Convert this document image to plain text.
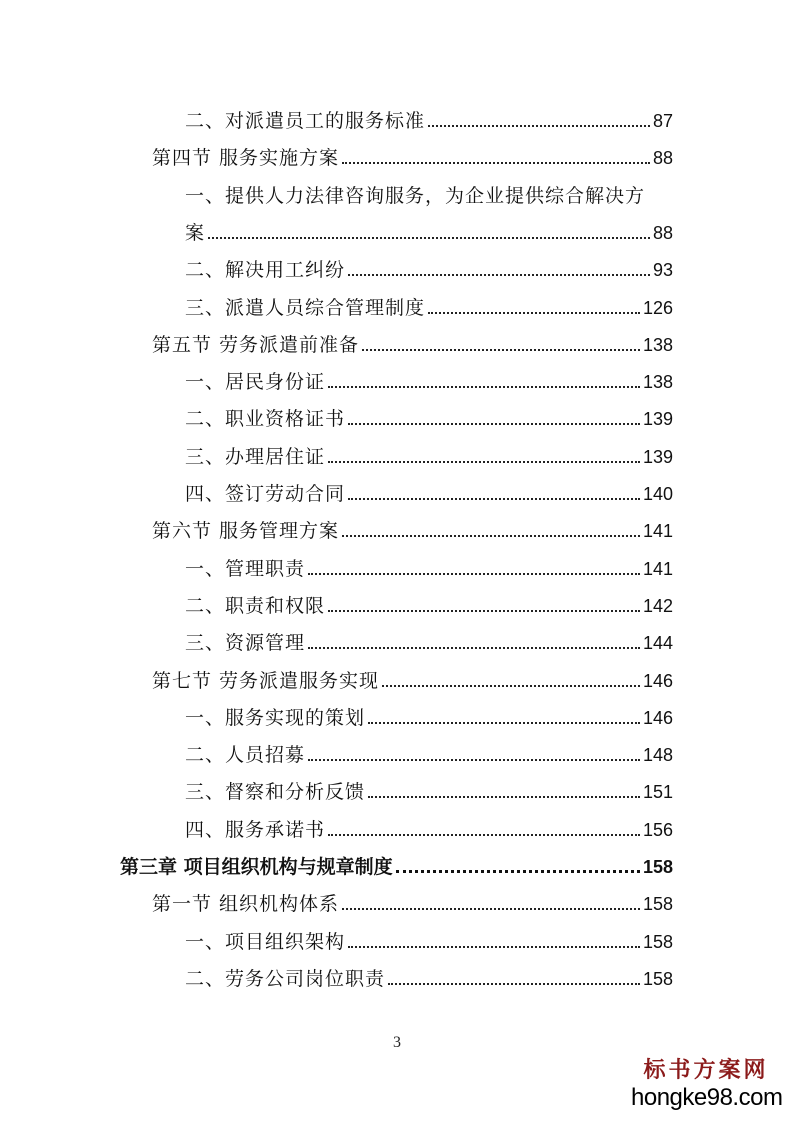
二、对派遣员工的服务标准	87
第四节 服务实施方案	88
一、提供人力法律咨询服务，为企业提供综合解决方
案	88
二、解决用工纠纷	93
三、派遣人员综合管理制度	126
第五节 劳务派遣前准备	138
一、居民身份证	138
二、职业资格证书	139
三、办理居住证	139
四、签订劳动合同	140
第六节 服务管理方案	141
一、管理职责	141
二、职责和权限	142
三、资源管理	144
第七节 劳务派遣服务实现	146
一、服务实现的策划	146
二、人员招募	148
三、督察和分析反馈	151
四、服务承诺书	156
第三章 项目组织机构与规章制度	158
第一节 组织机构体系	158
一、项目组织架构	158
二、劳务公司岗位职责	158
3
标书方案网
hongke98.com
